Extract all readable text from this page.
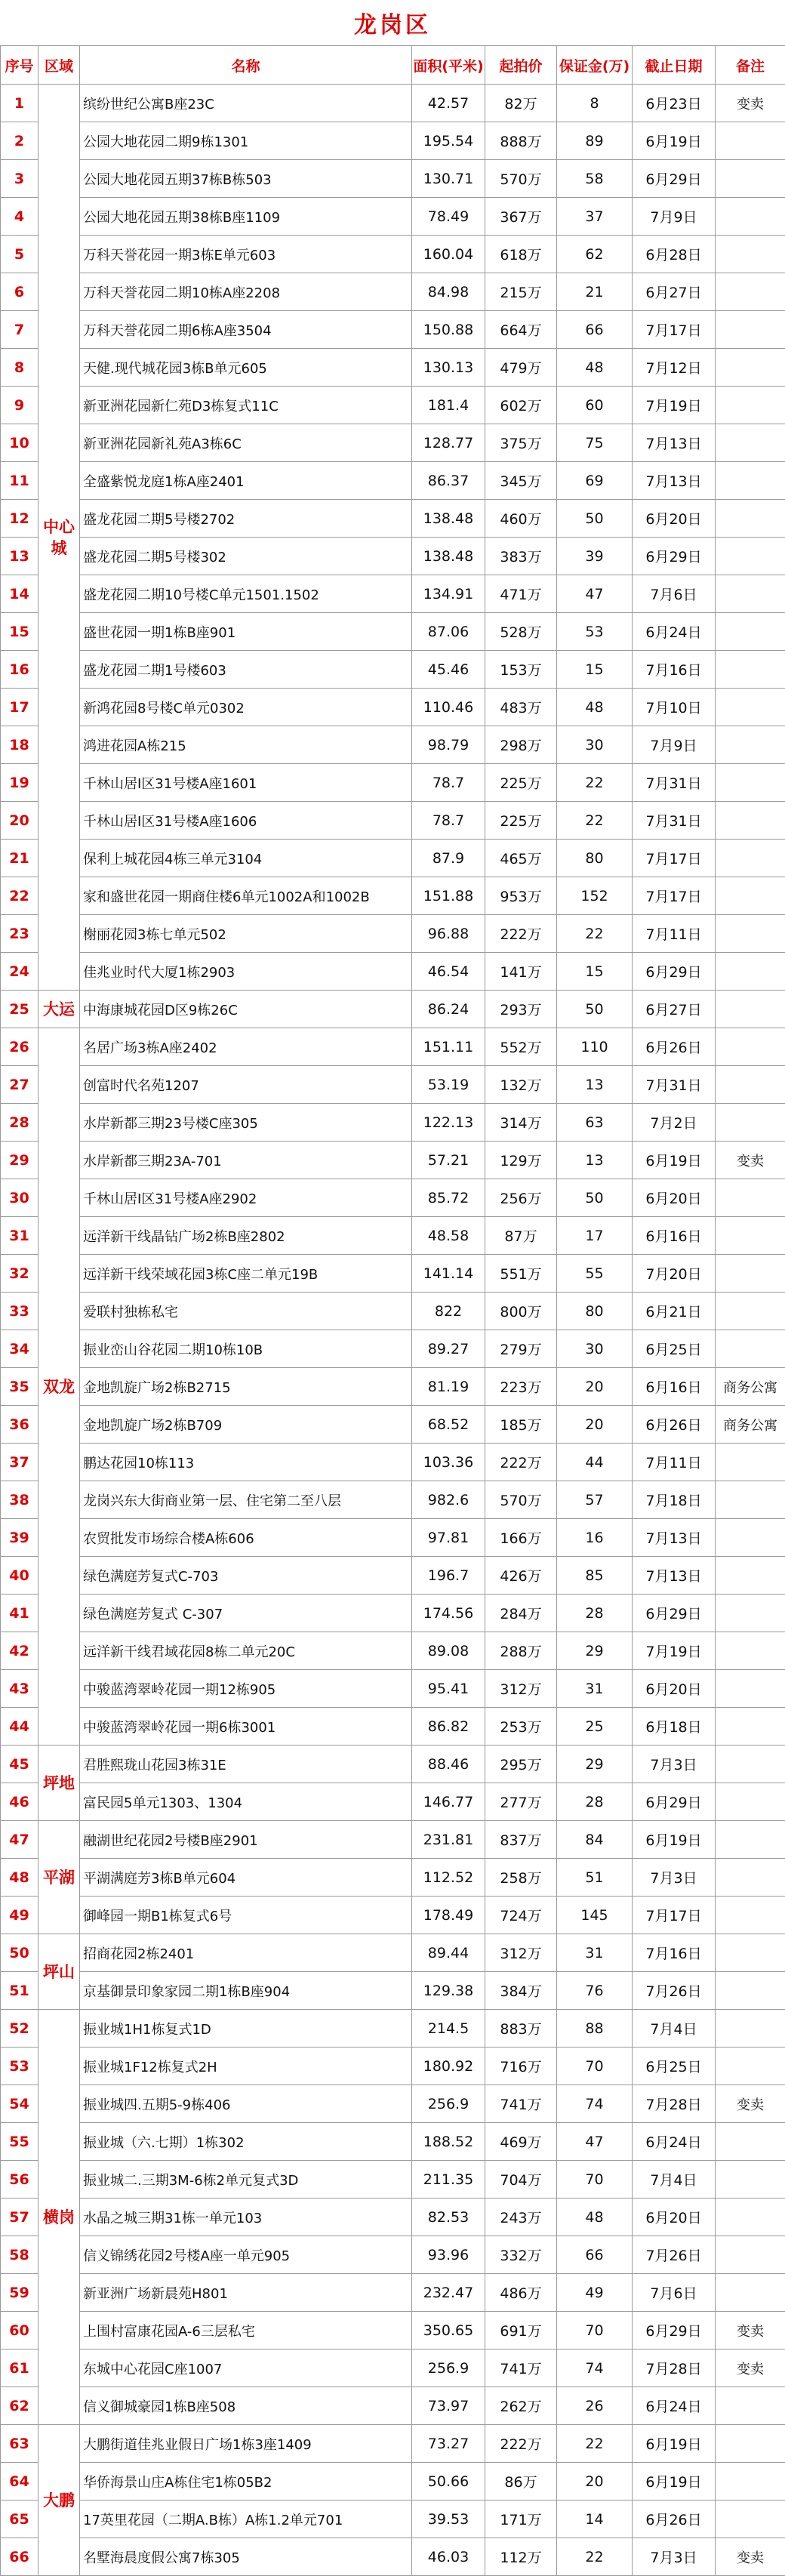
龙岗区
序号	区域	名称	面积(平米)	起拍价	保证金(万)	截止日期	备注
1	中心城	缤纷世纪公寓B座23C	42.57	82万	8	6月23日	变卖
2		公园大地花园二期9栋1301	195.54	888万	89	6月19日	
3		公园大地花园五期37栋B栋503	130.71	570万	58	6月29日	
4		公园大地花园五期38栋B座1109	78.49	367万	37	7月9日	
5		万科天誉花园一期3栋E单元603	160.04	618万	62	6月28日	
6		万科天誉花园二期10栋A座2208	84.98	215万	21	6月27日	
7		万科天誉花园二期6栋A座3504	150.88	664万	66	7月17日	
8		天健.现代城花园3栋B单元605	130.13	479万	48	7月12日	
9		新亚洲花园新仁苑D3栋复式11C	181.4	602万	60	7月19日	
10		新亚洲花园新礼苑A3栋6C	128.77	375万	75	7月13日	
11		全盛紫悦龙庭1栋A座2401	86.37	345万	69	7月13日	
12		盛龙花园二期5号楼2702	138.48	460万	50	6月20日	
13		盛龙花园二期5号楼302	138.48	383万	39	6月29日	
14		盛龙花园二期10号楼C单元1501.1502	134.91	471万	47	7月6日	
15		盛世花园一期1栋B座901	87.06	528万	53	6月24日	
16		盛龙花园二期1号楼603	45.46	153万	15	7月16日	
17		新鸿花园8号楼C单元0302	110.46	483万	48	7月10日	
18		鸿进花园A栋215	98.79	298万	30	7月9日	
19		千林山居Ⅰ区31号楼A座1601	78.7	225万	22	7月31日	
20		千林山居Ⅰ区31号楼A座1606	78.7	225万	22	7月31日	
21		保利上城花园4栋三单元3104	87.9	465万	80	7月17日	
22		家和盛世花园一期商住楼6单元1002A和1002B	151.88	953万	152	7月17日	
23		榭丽花园3栋七单元502	96.88	222万	22	7月11日	
24		佳兆业时代大厦1栋2903	46.54	141万	15	6月29日	
25	大运	中海康城花园D区9栋26C	86.24	293万	50	6月27日	
26	双龙	名居广场3栋A座2402	151.11	552万	110	6月26日	
27		创富时代名苑1207	53.19	132万	13	7月31日	
28		水岸新都三期23号楼C座305	122.13	314万	63	7月2日	
29		水岸新都三期23A-701	57.21	129万	13	6月19日	变卖
30		千林山居I区31号楼A座2902	85.72	256万	50	6月20日	
31		远洋新干线晶钻广场2栋B座2802	48.58	87万	17	6月16日	
32		远洋新干线荣域花园3栋C座二单元19B	141.14	551万	55	7月20日	
33		爱联村独栋私宅	822	800万	80	6月21日	
34		振业峦山谷花园二期10栋10B	89.27	279万	30	6月25日	
35		金地凯旋广场2栋B2715	81.19	223万	20	6月16日	商务公寓
36		金地凯旋广场2栋B709	68.52	185万	20	6月26日	商务公寓
37		鹏达花园10栋113	103.36	222万	44	7月11日	
38		龙岗兴东大街商业第一层、住宅第二至八层	982.6	570万	57	7月18日	
39		农贸批发市场综合楼A栋606	97.81	166万	16	7月13日	
40		绿色满庭芳复式C-703	196.7	426万	85	7月13日	
41		绿色满庭芳复式 C-307	174.56	284万	28	6月29日	
42		远洋新干线君域花园8栋二单元20C	89.08	288万	29	7月19日	
43		中骏蓝湾翠岭花园一期12栋905	95.41	312万	31	6月20日	
44		中骏蓝湾翠岭花园一期6栋3001	86.82	253万	25	6月18日	
45	坪地	君胜熙珑山花园3栋31E	88.46	295万	29	7月3日	
46		富民园5单元1303、1304	146.77	277万	28	6月29日	
47	平湖	融湖世纪花园2号楼B座2901	231.81	837万	84	6月19日	
48		平湖满庭芳3栋B单元604	112.52	258万	51	7月3日	
49		御峰园一期B1栋复式6号	178.49	724万	145	7月17日	
50	坪山	招商花园2栋2401	89.44	312万	31	7月16日	
51		京基御景印象家园二期1栋B座904	129.38	384万	76	7月26日	
52	横岗	振业城1H1栋复式1D	214.5	883万	88	7月4日	
53		振业城1F12栋复式2H	180.92	716万	70	6月25日	
54		振业城四.五期5-9栋406	256.9	741万	74	7月28日	变卖
55		振业城（六.七期）1栋302	188.52	469万	47	6月24日	
56		振业城二.三期3M-6栋2单元复式3D	211.35	704万	70	7月4日	
57		水晶之城三期31栋一单元103	82.53	243万	48	6月20日	
58		信义锦绣花园2号楼A座一单元905	93.96	332万	66	7月26日	
59		新亚洲广场新晨苑H801	232.47	486万	49	7月6日	
60		上围村富康花园A-6三层私宅	350.65	691万	70	6月29日	变卖
61		东城中心花园C座1007	256.9	741万	74	7月28日	变卖
62		信义御城豪园1栋B座508	73.97	262万	26	6月24日	
63	大鹏	大鹏街道佳兆业假日广场1栋3座1409	73.27	222万	22	6月19日	
64		华侨海景山庄A栋住宅1栋05B2	50.66	86万	20	6月19日	
65		17英里花园（二期A.B栋）A栋1.2单元701	39.53	171万	14	6月26日	
66		名墅海晨度假公寓7栋305	46.03	112万	22	7月3日	变卖
